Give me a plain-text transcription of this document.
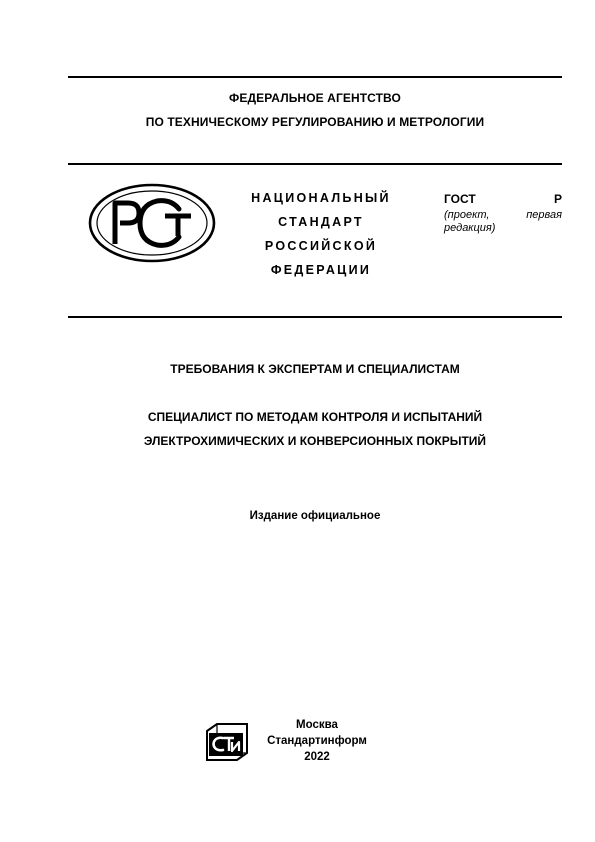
ФЕДЕРАЛЬНОЕ АГЕНТСТВО
ПО ТЕХНИЧЕСКОМУ РЕГУЛИРОВАНИЮ И МЕТРОЛОГИИ
НАЦИОНАЛЬНЫЙ
СТАНДАРТ
РОССИЙСКОЙ
ФЕДЕРАЦИИ
ГОСТ	Р
(проект, первая редакция)
ТРЕБОВАНИЯ К ЭКСПЕРТАМ И СПЕЦИАЛИСТАМ
СПЕЦИАЛИСТ ПО МЕТОДАМ КОНТРОЛЯ И ИСПЫТАНИЙ
ЭЛЕКТРОХИМИЧЕСКИХ И КОНВЕРСИОННЫХ ПОКРЫТИЙ
Издание официальное
Москва
Стандартинформ
2022
